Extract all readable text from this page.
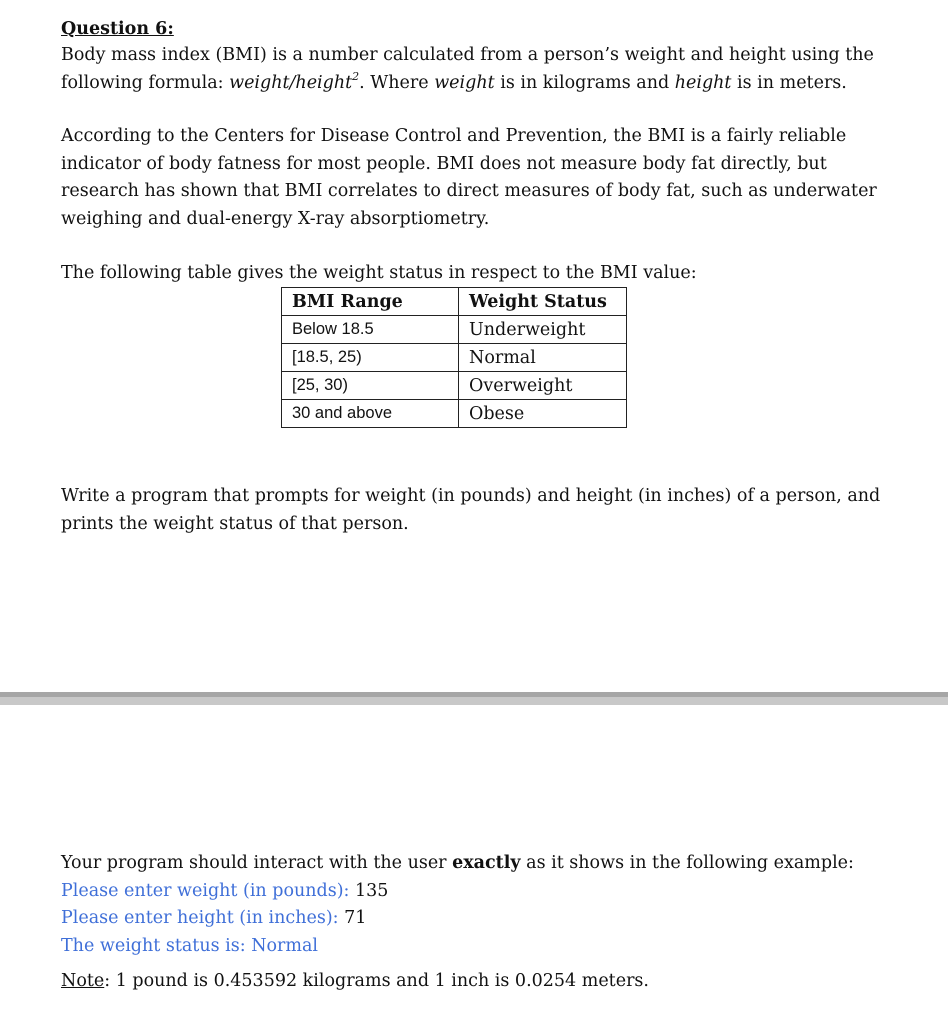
Question 6:
Body mass index (BMI) is a number calculated from a person’s weight and height using the
following formula: weight/height$^2$. Where weight is in kilograms and height is in meters.
According to the Centers for Disease Control and Prevention, the BMI is a fairly reliable
indicator of body fatness for most people. BMI does not measure body fat directly, but
research has shown that BMI correlates to direct measures of body fat, such as underwater
weighing and dual-energy X-ray absorptiometry.
The following table gives the weight status in respect to the BMI value:
BMI Range	Weight Status
Below 18.5	Underweight
[18.5, 25)	Normal
[25, 30)	Overweight
30 and above	Obese
Write a program that prompts for weight (in pounds) and height (in inches) of a person, and
prints the weight status of that person.
Your program should interact with the user exactly as it shows in the following example:
Please enter weight (in pounds): 135
Please enter height (in inches): 71
The weight status is: Normal
Note: 1 pound is 0.453592 kilograms and 1 inch is 0.0254 meters.
